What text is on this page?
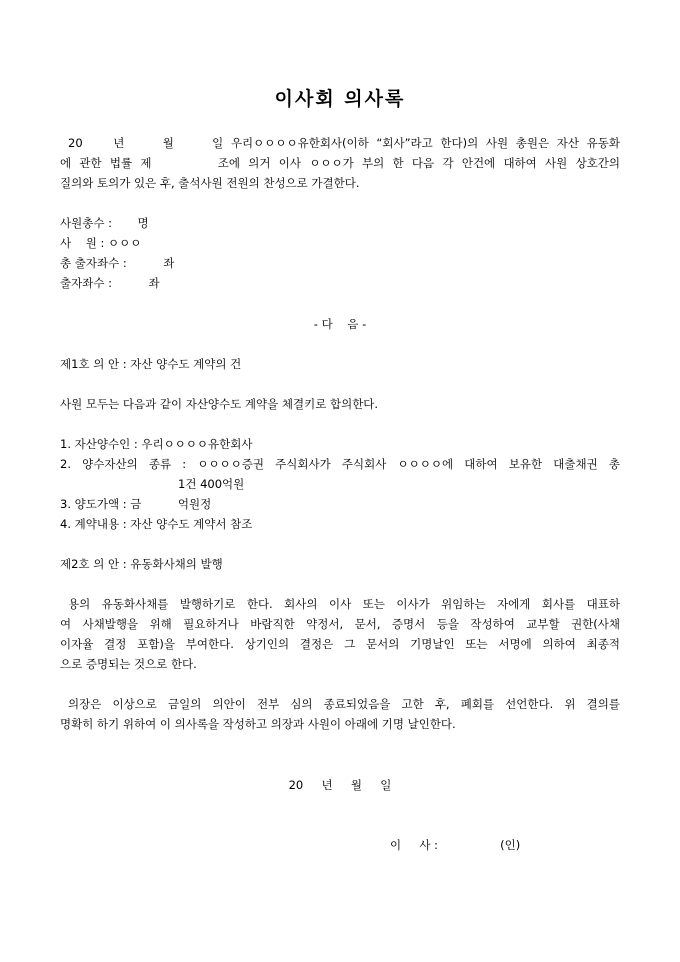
이사회 의사록
20    년     월     일 우리ㅇㅇㅇㅇ유한회사(이하 “회사”라고 한다)의 사원 총원은 자산 유동화
에 관한 법률 제        조에 의거 이사 ㅇㅇㅇ가 부의 한 다음 각 안건에 대하여 사원 상호간의
질의와 토의가 있은 후, 출석사원 전원의 찬성으로 가결한다.
사원총수 :       명
사    원 : ㅇㅇㅇ
총 출자좌수 :          좌
출자좌수 :          좌
- 다    음 -
제1호 의 안 : 자산 양수도 계약의 건
사원 모두는 다음과 같이 자산양수도 계약을 체결키로 합의한다.
1. 자산양수인 : 우리ㅇㅇㅇㅇ유한회사
2. 양수자산의 종류 : ㅇㅇㅇㅇ증권 주식회사가 주식회사 ㅇㅇㅇㅇ에 대하여 보유한 대출채권 총
1건 400억원
3. 양도가액 : 금          억원정
4. 계약내용 : 자산 양수도 계약서 참조
제2호 의 안 : 유동화사채의 발행
용의 유동화사채를 발행하기로 한다. 회사의 이사 또는 이사가 위임하는 자에게 회사를 대표하
여 사채발행을 위해 필요하거나 바람직한 약정서, 문서, 증명서 등을 작성하여 교부할 권한(사채
이자율 결정 포함)을 부여한다. 상기인의 결정은 그 문서의 기명날인 또는 서명에 의하여 최종적
으로 증명되는 것으로 한다.
의장은 이상으로 금일의 의안이 전부 심의 종료되었음을 고한 후, 폐회를 선언한다. 위 결의를
명확히 하기 위하여 이 의사록을 작성하고 의장과 사원이 아래에 기명 날인한다.
20     년     월     일
이     사 :                 (인)
